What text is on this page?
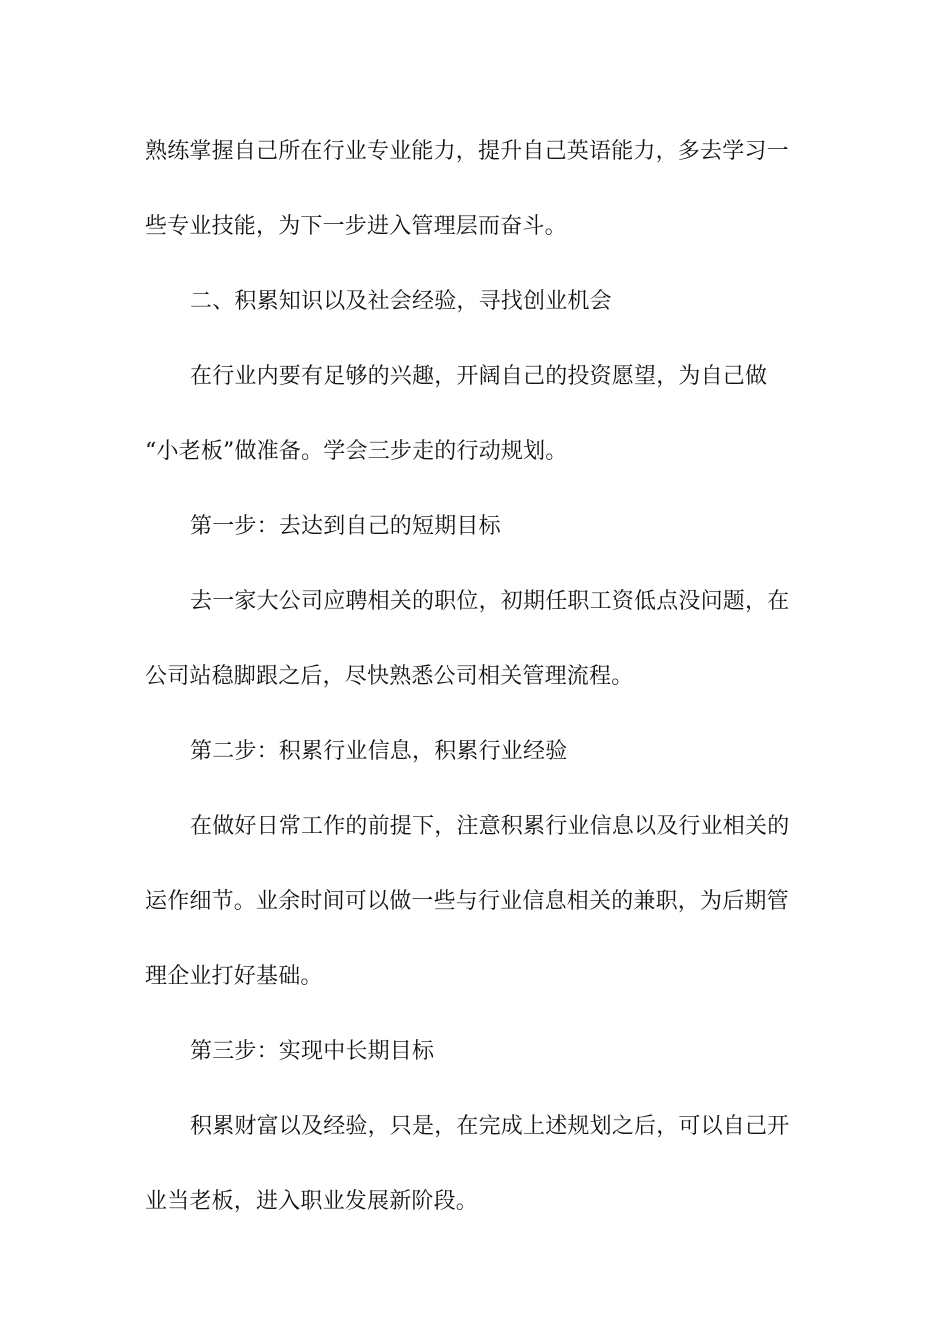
熟练掌握自己所在行业专业能力，提升自己英语能力，多去学习一
些专业技能，为下一步进入管理层而奋斗。
二、积累知识以及社会经验，寻找创业机会
在行业内要有足够的兴趣，开阔自己的投资愿望，为自己做
“小老板”做准备。学会三步走的行动规划。
第一步：去达到自己的短期目标
去一家大公司应聘相关的职位，初期任职工资低点没问题，在
公司站稳脚跟之后，尽快熟悉公司相关管理流程。
第二步：积累行业信息，积累行业经验
在做好日常工作的前提下，注意积累行业信息以及行业相关的
运作细节。业余时间可以做一些与行业信息相关的兼职，为后期管
理企业打好基础。
第三步：实现中长期目标
积累财富以及经验，只是，在完成上述规划之后，可以自己开
业当老板，进入职业发展新阶段。
